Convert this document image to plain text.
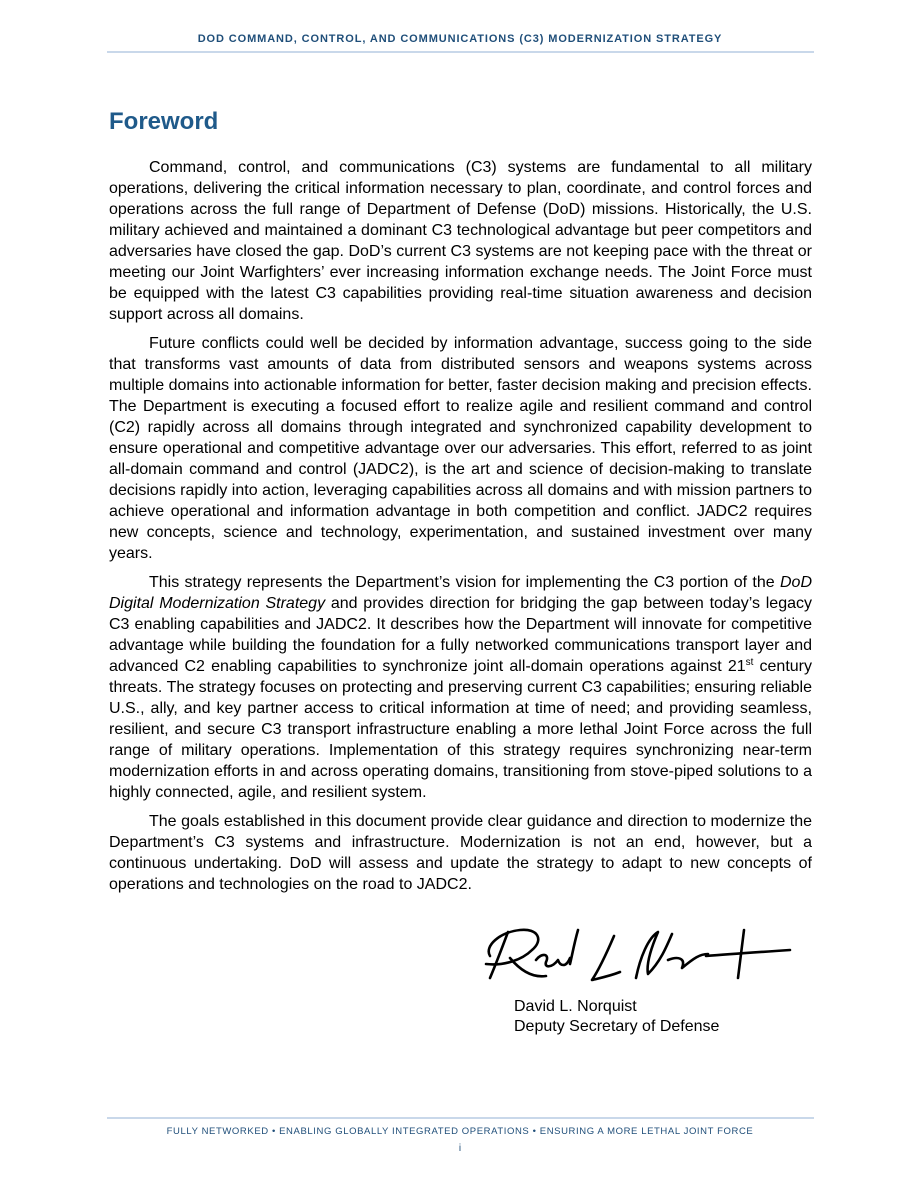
DOD COMMAND, CONTROL, AND COMMUNICATIONS (C3) MODERNIZATION STRATEGY
Foreword

Command, control, and communications (C3) systems are fundamental to all military operations, delivering the critical information necessary to plan, coordinate, and control forces and operations across the full range of Department of Defense (DoD) missions. Historically, the U.S. military achieved and maintained a dominant C3 technological advantage but peer competitors and adversaries have closed the gap. DoD’s current C3 systems are not keeping pace with the threat or meeting our Joint Warfighters’ ever increasing information exchange needs. The Joint Force must be equipped with the latest C3 capabilities providing real-time situation awareness and decision support across all domains.

Future conflicts could well be decided by information advantage, success going to the side that transforms vast amounts of data from distributed sensors and weapons systems across multiple domains into actionable information for better, faster decision making and precision effects. The Department is executing a focused effort to realize agile and resilient command and control (C2) rapidly across all domains through integrated and synchronized capability development to ensure operational and competitive advantage over our adversaries. This effort, referred to as joint all-domain command and control (JADC2), is the art and science of decision-making to translate decisions rapidly into action, leveraging capabilities across all domains and with mission partners to achieve operational and information advantage in both competition and conflict. JADC2 requires new concepts, science and technology, experimentation, and sustained investment over many years.

This strategy represents the Department’s vision for implementing the C3 portion of the DoD Digital Modernization Strategy and provides direction for bridging the gap between today’s legacy C3 enabling capabilities and JADC2. It describes how the Department will innovate for competitive advantage while building the foundation for a fully networked communications transport layer and advanced C2 enabling capabilities to synchronize joint all-domain operations against 21st century threats. The strategy focuses on protecting and preserving current C3 capabilities; ensuring reliable U.S., ally, and key partner access to critical information at time of need; and providing seamless, resilient, and secure C3 transport infrastructure enabling a more lethal Joint Force across the full range of military operations. Implementation of this strategy requires synchronizing near-term modernization efforts in and across operating domains, transitioning from stove-piped solutions to a highly connected, agile, and resilient system.

The goals established in this document provide clear guidance and direction to modernize the Department’s C3 systems and infrastructure. Modernization is not an end, however, but a continuous undertaking. DoD will assess and update the strategy to adapt to new concepts of operations and technologies on the road to JADC2.

David L. Norquist
Deputy Secretary of Defense
FULLY NETWORKED • ENABLING GLOBALLY INTEGRATED OPERATIONS • ENSURING A MORE LETHAL JOINT FORCE
i
